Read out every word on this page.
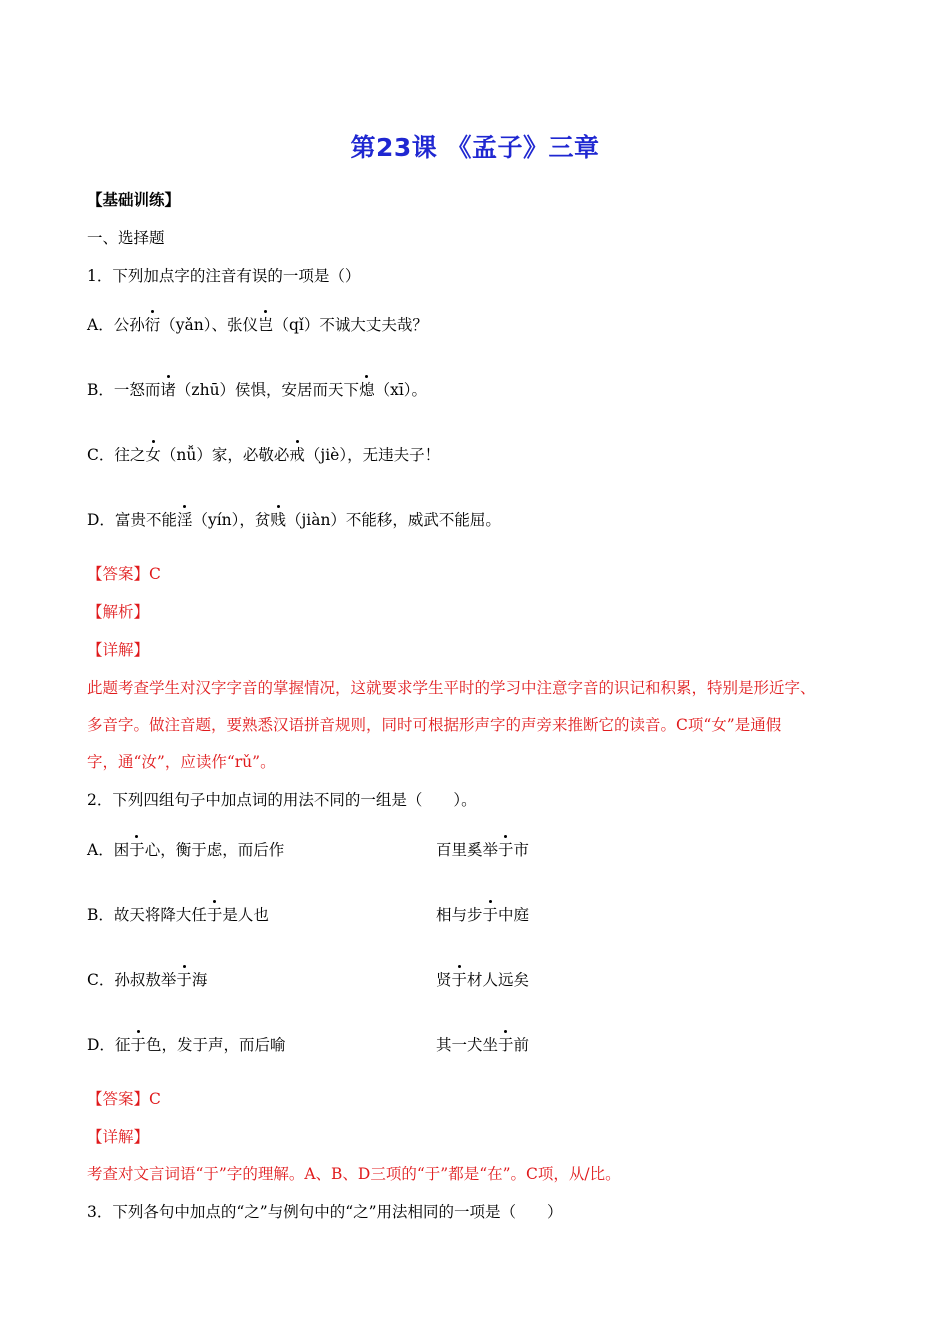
第23课 《孟子》三章
【基础训练】
一、选择题
1．下列加点字的注音有误的一项是（）
A．公孙衍（yǎn）、张仪岂（qǐ）不诚大丈夫哉？
B．一怒而诸（zhū）侯惧，安居而天下熄（xī）。
C．往之女（nǚ）家，必敬必戒（jiè），无违夫子！
D．富贵不能淫（yín），贫贱（jiàn）不能移，威武不能屈。
【答案】C
【解析】
【详解】
此题考查学生对汉字字音的掌握情况，这就要求学生平时的学习中注意字音的识记和积累，特别是形近字、
多音字。做注音题，要熟悉汉语拼音规则，同时可根据形声字的声旁来推断它的读音。C项“女”是通假
字，通“汝”，应读作“rǔ”。
2．下列四组句子中加点词的用法不同的一组是（　　）。
A．困于心，衡于虑，而后作	百里奚举于市
B．故天将降大任于是人也	相与步于中庭
C．孙叔敖举于海	贤于材人远矣
D．征于色，发于声，而后喻	其一犬坐于前
【答案】C
【详解】
考查对文言词语“于”字的理解。A、B、D三项的“于”都是“在”。C项，从/比。
3．下列各句中加点的“之”与例句中的“之”用法相同的一项是（　　）
